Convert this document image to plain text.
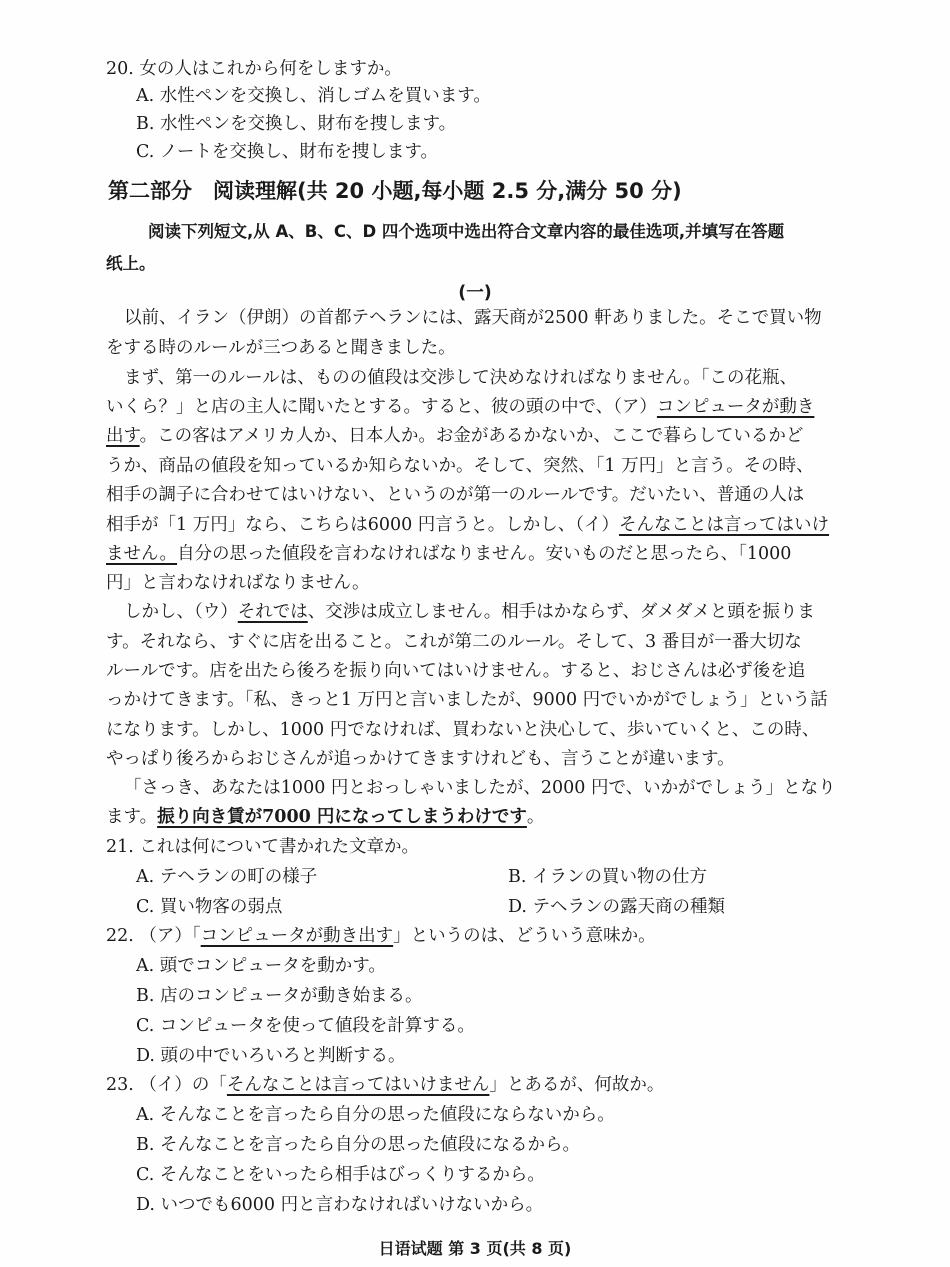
20. 女の人はこれから何をしますか。
A. 水性ペンを交換し、消しゴムを買います。
B. 水性ペンを交換し、財布を捜します。
C. ノートを交換し、財布を捜します。
第二部分　阅读理解(共 20 小题,每小题 2.5 分,满分 50 分)
阅读下列短文,从 A、B、C、D 四个选项中选出符合文章内容的最佳选项,并填写在答题
纸上。
(一)
以前、イラン（伊朗）の首都テヘランには、露天商が2500 軒ありました。そこで買い物
をする時のルールが三つあると聞きました。
まず、第一のルールは、ものの値段は交渉して決めなければなりません。「この花瓶、
いくら？」と店の主人に聞いたとする。すると、彼の頭の中で、（ア）コンピュータが動き
出す。この客はアメリカ人か、日本人か。お金があるかないか、ここで暮らしているかど
うか、商品の値段を知っているか知らないか。そして、突然、「1 万円」と言う。その時、
相手の調子に合わせてはいけない、というのが第一のルールです。だいたい、普通の人は
相手が「1 万円」なら、こちらは6000 円言うと。しかし、（イ）そんなことは言ってはいけ
ません。自分の思った値段を言わなければなりません。安いものだと思ったら、「1000
円」と言わなければなりません。
しかし、（ウ）それでは、交渉は成立しません。相手はかならず、ダメダメと頭を振りま
す。それなら、すぐに店を出ること。これが第二のルール。そして、3 番目が一番大切な
ルールです。店を出たら後ろを振り向いてはいけません。すると、おじさんは必ず後を追
っかけてきます。「私、きっと1 万円と言いましたが、9000 円でいかがでしょう」という話
になります。しかし、1000 円でなければ、買わないと決心して、歩いていくと、この時、
やっぱり後ろからおじさんが追っかけてきますけれども、言うことが違います。
「さっき、あなたは1000 円とおっしゃいましたが、2000 円で、いかがでしょう」となり
ます。振り向き賃が7000 円になってしまうわけです。
21. これは何について書かれた文章か。
A. テヘランの町の様子	B. イランの買い物の仕方
C. 買い物客の弱点	D. テヘランの露天商の種類
22. （ア）「コンピュータが動き出す」というのは、どういう意味か。
A. 頭でコンピュータを動かす。
B. 店のコンピュータが動き始まる。
C. コンピュータを使って値段を計算する。
D. 頭の中でいろいろと判断する。
23. （イ）の「そんなことは言ってはいけません」とあるが、何故か。
A. そんなことを言ったら自分の思った値段にならないから。
B. そんなことを言ったら自分の思った値段になるから。
C. そんなことをいったら相手はびっくりするから。
D. いつでも6000 円と言わなければいけないから。
日语试题 第 3 页(共 8 页)
